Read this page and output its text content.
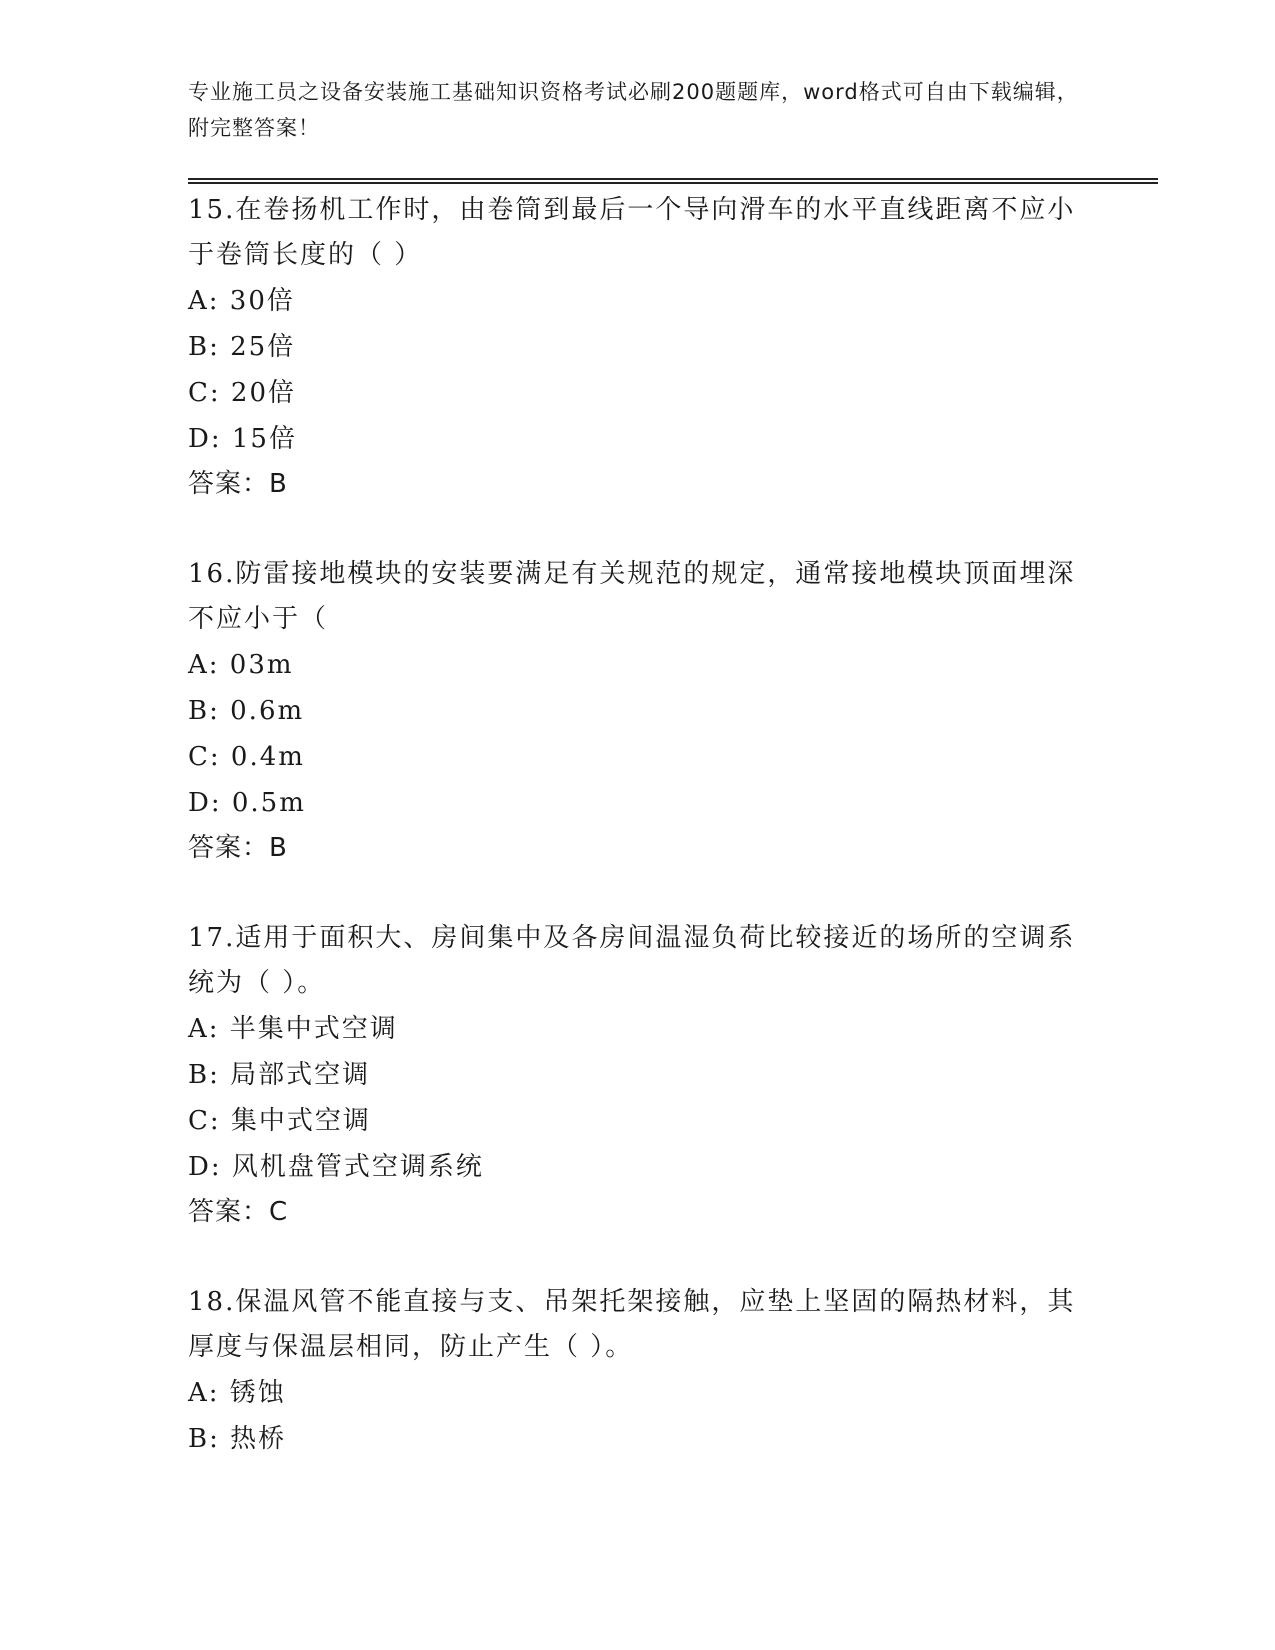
专业施工员之设备安装施工基础知识资格考试必刷200题题库，word格式可自由下载编辑，附完整答案！

15.在卷扬机工作时，由卷筒到最后一个导向滑车的水平直线距离不应小于卷筒长度的（ ）

A: 30倍

B: 25倍

C: 20倍

D: 15倍

答案：B

16.防雷接地模块的安装要满足有关规范的规定，通常接地模块顶面埋深不应小于（

A: 03m

B: 0.6m

C: 0.4m

D: 0.5m

答案：B

17.适用于面积大、房间集中及各房间温湿负荷比较接近的场所的空调系统为（ ）。

A: 半集中式空调

B: 局部式空调

C: 集中式空调

D: 风机盘管式空调系统

答案：C

18.保温风管不能直接与支、吊架托架接触，应垫上坚固的隔热材料，其厚度与保温层相同，防止产生（ ）。

A: 锈蚀

B: 热桥
